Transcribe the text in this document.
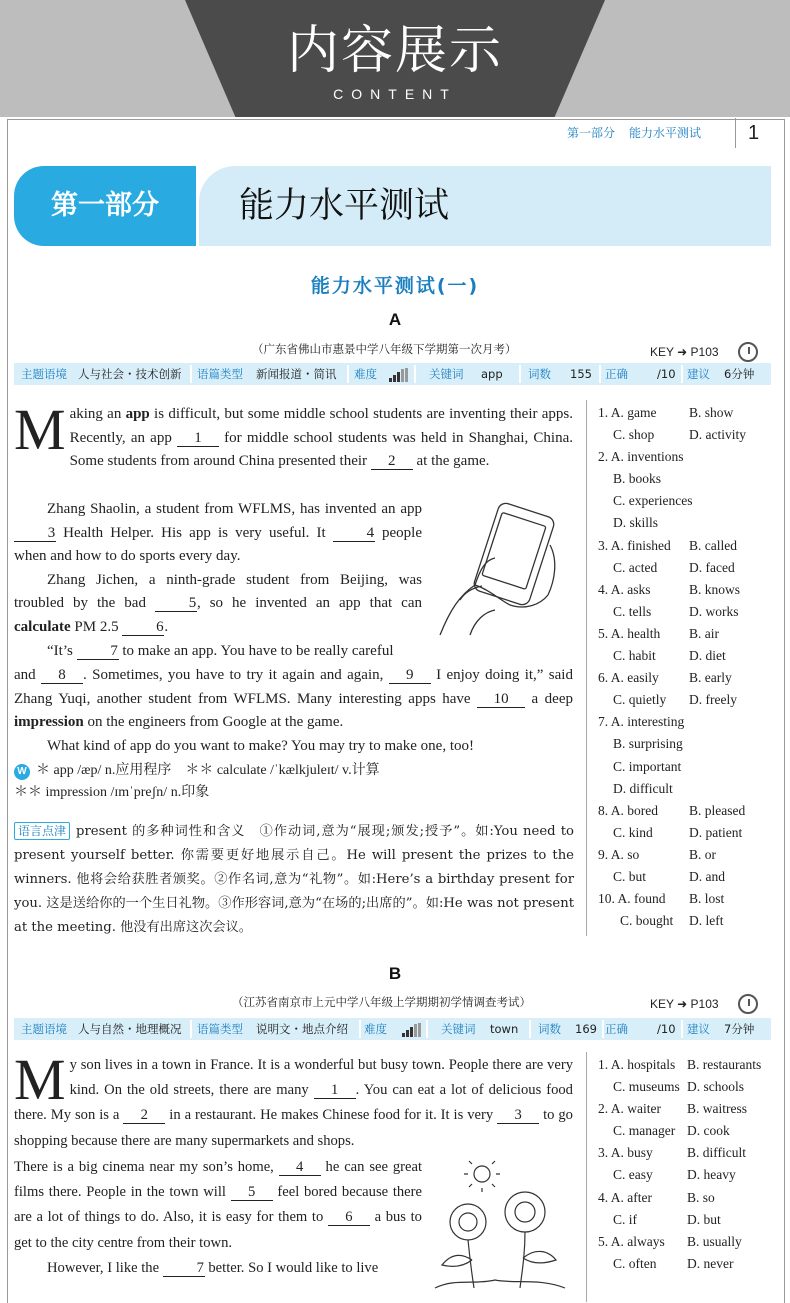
内容展示
CONTENT
第一部分 能力水平测试	1
第一部分	能力水平测试
能力水平测试(一)
A
（广东省佛山市惠景中学八年级下学期第一次月考）	KEY ➜ P103
主题语境 人与社会・技术创新 语篇类型 新闻报道・简讯 难度	关键词 app 词数 155 正确	/10 建议 6分钟

Making an app is difficult, but some middle school students are inventing their apps. Recently, an app 1 for middle school students was held in Shanghai, China. Some students from around China presented their 2 at the game.

Zhang Shaolin, a student from WFLMS, has invented an app 3 Health Helper. His app is very useful. It 4 people when and how to do sports every day.

Zhang Jichen, a ninth-grade student from Beijing, was troubled by the bad 5, so he invented an app that can calculate PM 2.5 6.

“It’s 7 to make an app. You have to be really careful

and 8 . Sometimes, you have to try it again and again, 9 I enjoy doing it,” said Zhang Yuqi, another student from WFLMS. Many interesting apps have 10 a deep impression on the engineers from Google at the game.

What kind of app do you want to make? You may try to make one, too!

W ＊ app /æp/ n.应用程序　＊＊ calculate /ˈkælkjuleɪt/ v.计算
＊＊ impression /ɪmˈpreʃn/ n.印象
语言点津 present 的多种词性和含义　①作动词,意为“展现;颁发;授予”。如:You need to present yourself better. 你需要更好地展示自己。He will present the prizes to the winners. 他将会给获胜者颁奖。②作名词,意为“礼物”。如:Here’s a birthday present for you. 这是送给你的一个生日礼物。③作形容词,意为“在场的;出席的”。如:He was not present at the meeting. 他没有出席这次会议。
1. A. game B. show
C. shop	D. activity
2. A. inventions
B. books
C. experiences
D. skills
3. A. finished B. called
C. acted D. faced
4. A. asks	B. knows
C. tells	D. works
5. A. health B. air
C. habit D. diet
6. A. easily B. early
C. quietly D. freely
7. A. interesting
B. surprising
C. important
D. difficult
8. A. bored B. pleased
C. kind	D. patient
9. A. so	B. or
C. but	D. and
10. A. found B. lost
C. bought D. left
B
（江苏省南京市上元中学八年级上学期期初学情调查考试）	KEY ➜ P103
主题语境 人与自然・地理概况 语篇类型 说明文・地点介绍 难度	关键词 town 词数 169 正确	/10 建议 7分钟

My son lives in a town in France. It is a wonderful but busy town. People there are very kind. On the old streets, there are many 1 . You can eat a lot of delicious food there. My son is a 2 in a restaurant. He makes Chinese food for it. It is very 3 to go shopping because there are many supermarkets and shops.

There is a big cinema near my son’s home, 4 he can see great films there. People in the town will 5 feel bored because there are a lot of things to do. Also, it is easy for them to 6 a bus to get to the city centre from their town.

However, I like the 7 better. So I would like to live

1. A. hospitals B. restaurants
C. museums D. schools
2. A. waiter B. waitress
C. manager D. cook
3. A. busy	B. difficult
C. easy	D. heavy
4. A. after	B. so
C. if	D. but
5. A. always B. usually
C. often D. never
